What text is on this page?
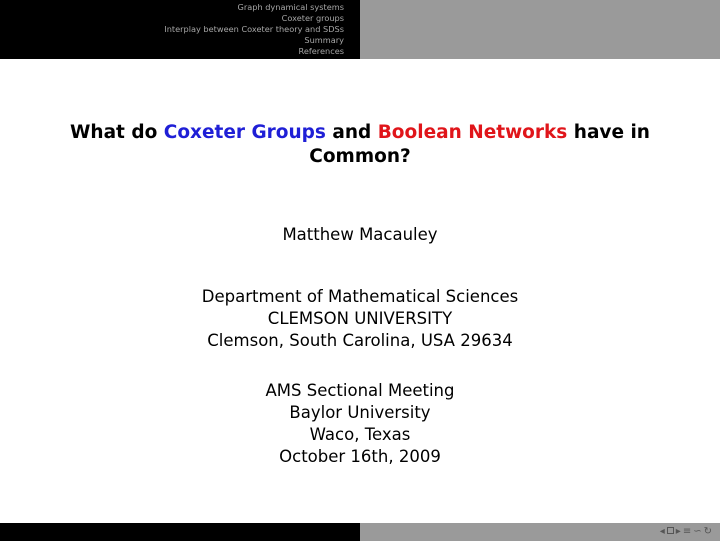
Graph dynamical systems
Coxeter groups
Interplay between Coxeter theory and SDSs
Summary
References
What do Coxeter Groups and Boolean Networks have in
Common?
Matthew Macauley
Department of Mathematical Sciences
CLEMSON UNIVERSITY
Clemson, South Carolina, USA 29634
AMS Sectional Meeting
Baylor University
Waco, Texas
October 16th, 2009
◂ ▸ ≡ ∽ ↻
